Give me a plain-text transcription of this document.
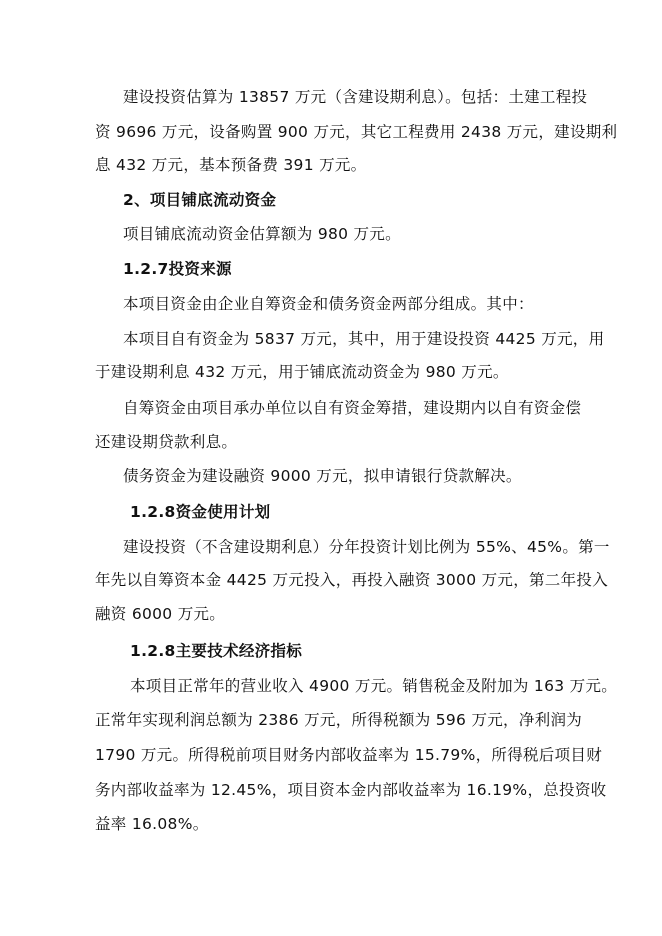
建设投资估算为 13857 万元（含建设期利息）。包括：土建工程投
资 9696 万元，设备购置 900 万元，其它工程费用 2438 万元，建设期利
息 432 万元，基本预备费 391 万元。
2、项目铺底流动资金
项目铺底流动资金估算额为 980 万元。
1.2.7投资来源
本项目资金由企业自筹资金和债务资金两部分组成。其中：
本项目自有资金为 5837 万元，其中，用于建设投资 4425 万元，用
于建设期利息 432 万元，用于铺底流动资金为 980 万元。
自筹资金由项目承办单位以自有资金筹措，建设期内以自有资金偿
还建设期贷款利息。
债务资金为建设融资 9000 万元，拟申请银行贷款解决。
1.2.8资金使用计划
建设投资（不含建设期利息）分年投资计划比例为 55%、45%。第一
年先以自筹资本金 4425 万元投入，再投入融资 3000 万元，第二年投入
融资 6000 万元。
1.2.8主要技术经济指标
本项目正常年的营业收入 4900 万元。销售税金及附加为 163 万元。
正常年实现利润总额为 2386 万元，所得税额为 596 万元，净利润为
1790 万元。所得税前项目财务内部收益率为 15.79%，所得税后项目财
务内部收益率为 12.45%，项目资本金内部收益率为 16.19%，总投资收
益率 16.08%。
